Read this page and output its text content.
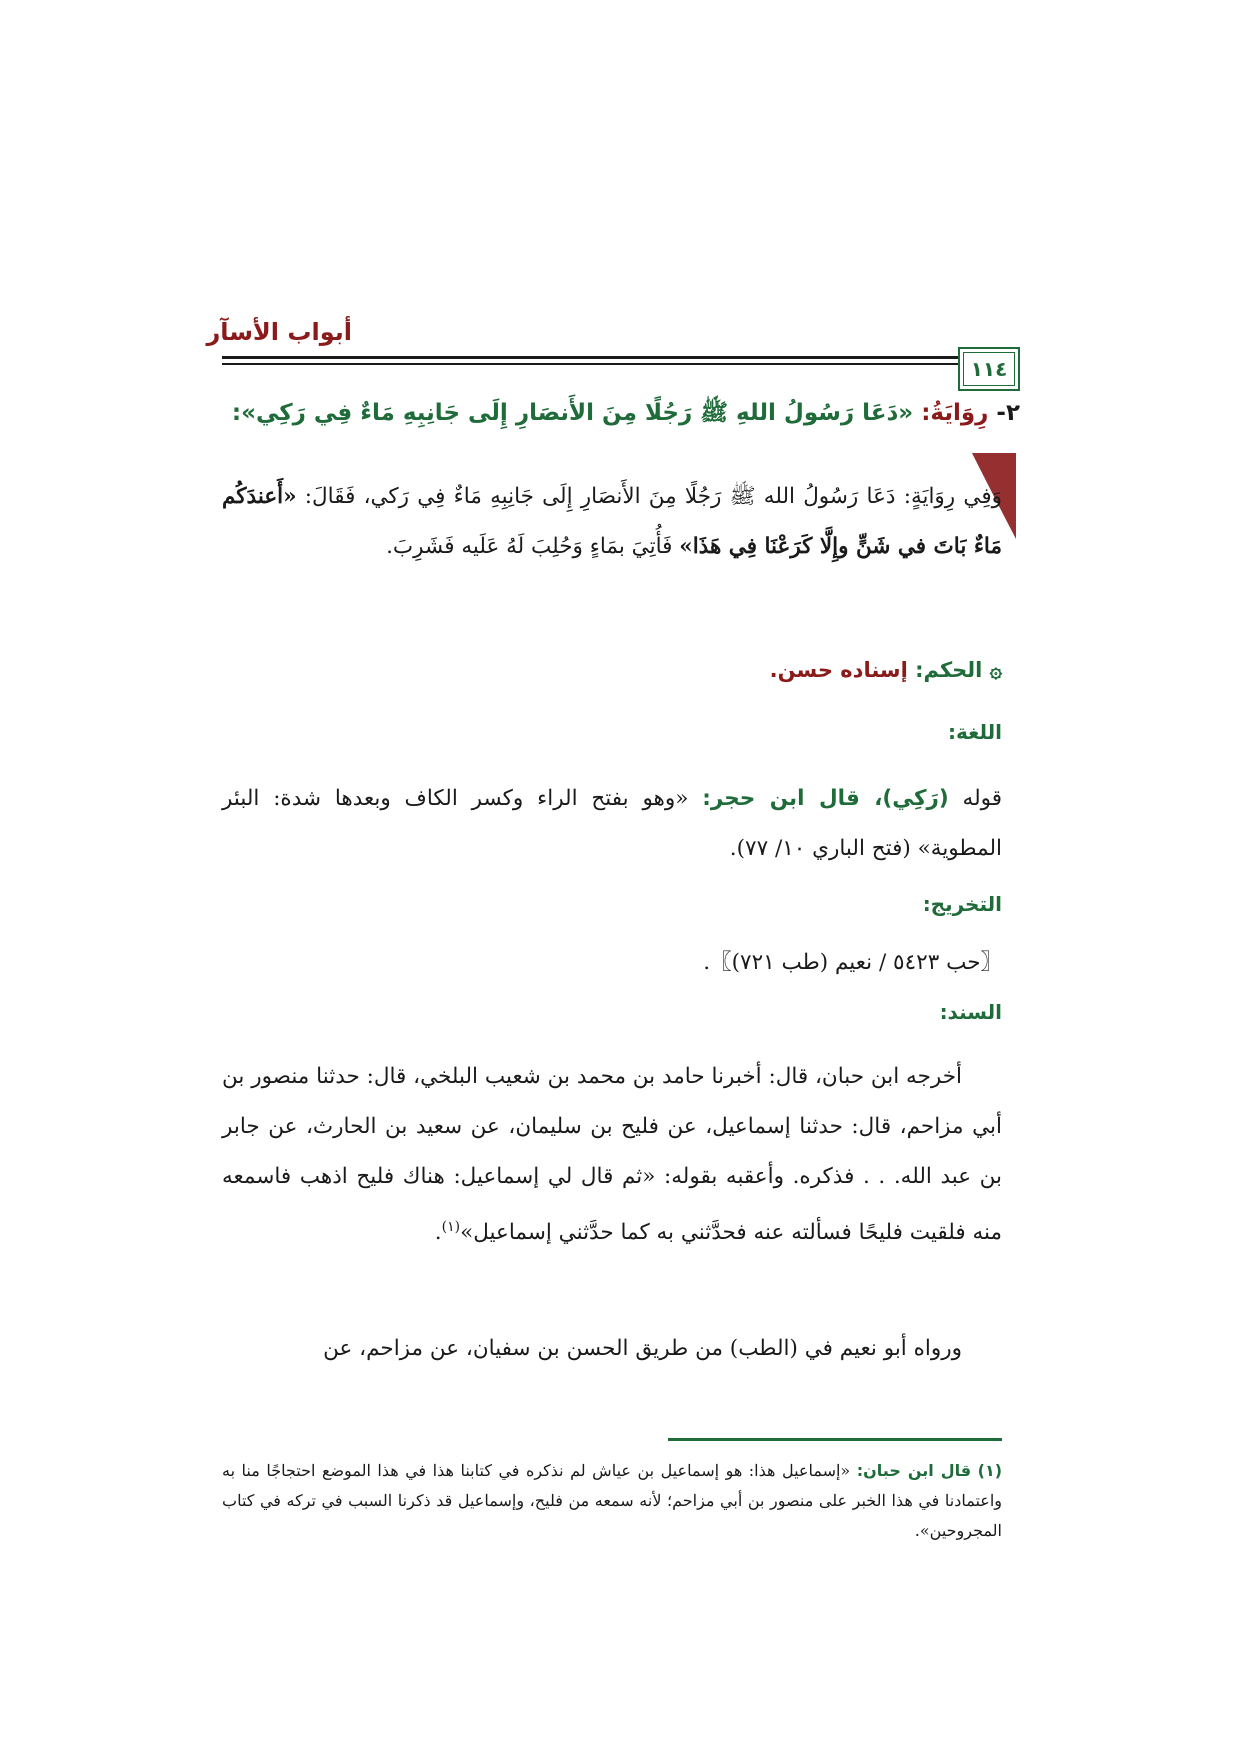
أبواب الأسآر
١١٤
٢- رِوَايَةُ: «دَعَا رَسُولُ اللهِ ﷺ رَجُلًا مِنَ الأَنصَارِ إِلَى جَانِبِهِ مَاءٌ فِي رَكِي»:
وَفِي رِوَايَةٍ: دَعَا رَسُولُ الله ﷺ رَجُلًا مِنَ الأَنصَارِ إِلَى جَانِبِهِ مَاءٌ فِي رَكي، فَقَالَ: «أَعندَكُم مَاءٌ بَاتَ في شَنٍّ وإِلَّا كَرَعْنَا فِي هَذَا» فَأُتِيَ بمَاءٍ وَحُلِبَ لَهُ عَلَيه فَشَرِبَ.
۞ الحكم: إسناده حسن.
اللغة:
قوله (رَكِي)، قال ابن حجر: «وهو بفتح الراء وكسر الكاف وبعدها شدة: البئر المطوية» (فتح الباري ١٠/ ٧٧).
التخريج:
〖حب ٥٤٢٣ / نعيم (طب ٧٢١)〗.
السند:
أخرجه ابن حبان، قال: أخبرنا حامد بن محمد بن شعيب البلخي، قال: حدثنا منصور بن أبي مزاحم، قال: حدثنا إسماعيل، عن فليح بن سليمان، عن سعيد بن الحارث، عن جابر بن عبد الله. . . فذكره. وأعقبه بقوله: «ثم قال لي إسماعيل: هناك فليح اذهب فاسمعه منه فلقيت فليحًا فسألته عنه فحدَّثني به كما حدَّثني إسماعيل»$^{(١)}$.
ورواه أبو نعيم في (الطب) من طريق الحسن بن سفيان، عن مزاحم، عن
(١) قال ابن حبان: «إسماعيل هذا: هو إسماعيل بن عياش لم نذكره في كتابنا هذا في هذا الموضع احتجاجًا منا به واعتمادنا في هذا الخبر على منصور بن أبي مزاحم؛ لأنه سمعه من فليح، وإسماعيل قد ذكرنا السبب في تركه في كتاب المجروحين».
